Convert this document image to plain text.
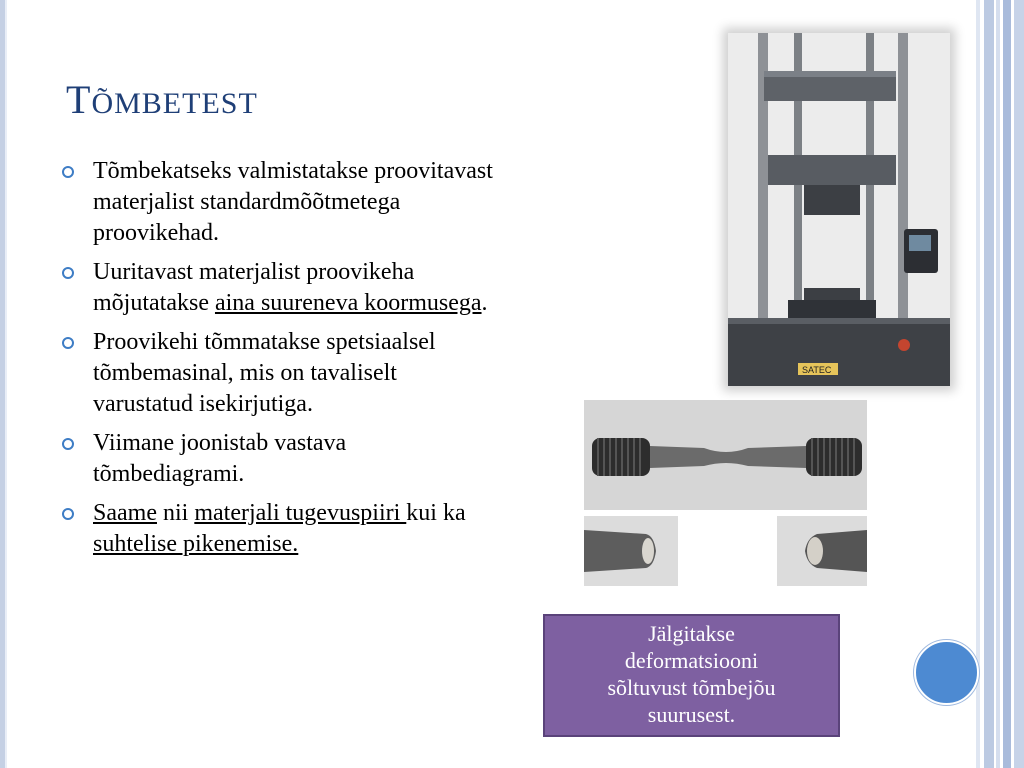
TÕMBETEST
Tõmbekatseks valmistatakse proovitavast materjalist standardmõõtmetega proovikehad.
Uuritavast materjalist proovikeha mõjutatakse aina suureneva koormusega.
Proovikehi tõmmatakse spetsiaalsel tõmbemasinal, mis on tavaliselt varustatud isekirjutiga.
Viimane joonistab vastava tõmbediagrami.
Saame nii materjali tugevuspiiri kui ka suhtelise pikenemise.
SATEC
Jälgitakse
deformatsiooni
sõltuvust tõmbejõu
suurusest.
